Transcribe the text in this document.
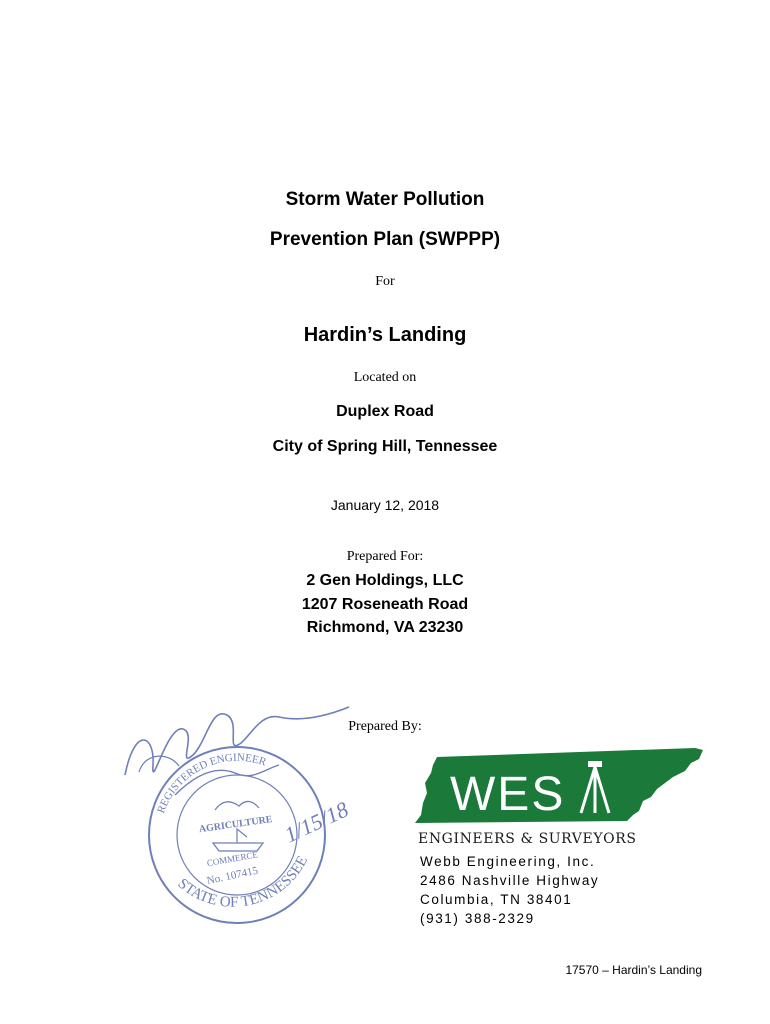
Storm Water Pollution
Prevention Plan (SWPPP)
For
Hardin’s Landing
Located on
Duplex Road
City of Spring Hill, Tennessee
January 12, 2018
Prepared For:
2 Gen Holdings, LLC
1207 Roseneath Road
Richmond, VA 23230
Prepared By:
REGISTERED ENGINEER
STATE OF TENNESSEE
AGRICULTURE
COMMERCE
No. 107415
1/15/18
WES
ENGINEERS & SURVEYORS
Webb Engineering, Inc.
2486 Nashville Highway
Columbia, TN 38401
(931) 388-2329
17570 – Hardin’s Landing
